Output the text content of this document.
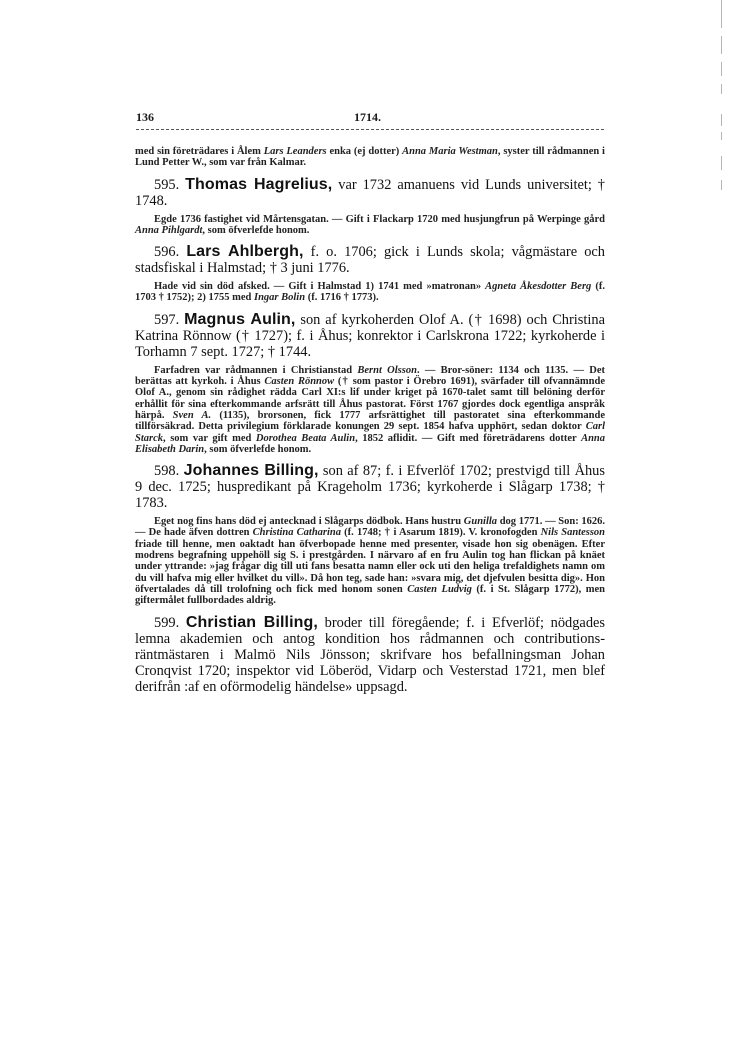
136	1714.
med sin företrädares i Ålem Lars Leanders enka (ej dotter) Anna Maria Westman, syster till rådmannen i Lund Petter W., som var från Kalmar.
595. Thomas Hagrelius, var 1732 amanuens vid Lunds universitet; † 1748.
Egde 1736 fastighet vid Mårtensgatan. — Gift i Flackarp 1720 med husjungfrun på Werpinge gård Anna Pihlgardt, som öfverlefde honom.
596. Lars Ahlbergh, f. o. 1706; gick i Lunds skola; vågmästare och stadsfiskal i Halmstad; † 3 juni 1776.
Hade vid sin död afsked. — Gift i Halmstad 1) 1741 med »matronan» Agneta Åkesdotter Berg (f. 1703 † 1752); 2) 1755 med Ingar Bolin (f. 1716 † 1773).
597. Magnus Aulin, son af kyrkoherden Olof A. († 1698) och Christina Katrina Rönnow († 1727); f. i Åhus; konrektor i Carlskrona 1722; kyrkoherde i Torhamn 7 sept. 1727; † 1744.
Farfadren var rådmannen i Christianstad Bernt Olsson. — Bror-söner: 1134 och 1135. — Det berättas att kyrkoh. i Åhus Casten Rönnow († som pastor i Örebro 1691), svärfader till ofvannämnde Olof A., genom sin rådighet rädda Carl XI:s lif under kriget på 1670-talet samt till belöning derför erhållit för sina efterkommande arfsrätt till Åhus pastorat. Först 1767 gjordes dock egentliga anspråk härpå. Sven A. (1135), brorsonen, fick 1777 arfsrättighet till pastoratet sina efterkommande tillförsäkrad. Detta privilegium förklarade konungen 29 sept. 1854 hafva upphört, sedan doktor Carl Starck, som var gift med Dorothea Beata Aulin, 1852 aflidit. — Gift med företrädarens dotter Anna Elisabeth Darin, som öfverlefde honom.
598. Johannes Billing, son af 87; f. i Efverlöf 1702; prestvigd till Åhus 9 dec. 1725; huspredikant på Krageholm 1736; kyrkoherde i Slågarp 1738; † 1783.
Eget nog fins hans död ej antecknad i Slågarps dödbok. Hans hustru Gunilla dog 1771. — Son: 1626. — De hade äfven dottren Christina Catharina (f. 1748; † i Asarum 1819). V. kronofogden Nils Santesson friade till henne, men oaktadt han öfverbopade henne med presenter, visade hon sig obenägen. Efter modrens begrafning uppehöll sig S. i prestgården. I närvaro af en fru Aulin tog han flickan på knäet under yttrande: »jag frågar dig till uti fans besatta namn eller ock uti den heliga trefaldighets namn om du vill hafva mig eller hvilket du vill». Då hon teg, sade han: »svara mig, det djefvulen besitta dig». Hon öfvertalades då till trolofning och fick med honom sonen Casten Ludvig (f. i St. Slågarp 1772), men giftermålet fullbordades aldrig.
599. Christian Billing, broder till föregående; f. i Efverlöf; nödgades lemna akademien och antog kondition hos rådmannen och contributions-räntmästaren i Malmö Nils Jönsson; skrifvare hos befallningsman Johan Cronqvist 1720; inspektor vid Löberöd, Vidarp och Vesterstad 1721, men blef derifrån :af en oförmodelig händelse» uppsagd.
